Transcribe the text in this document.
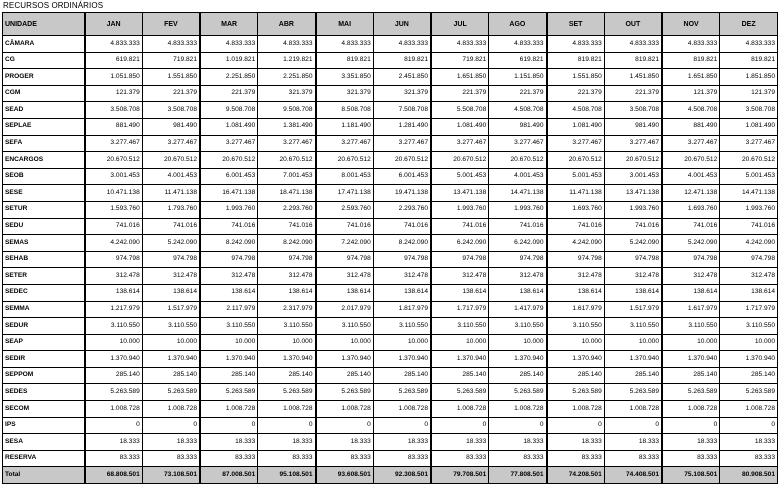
RECURSOS ORDINÁRIOS
UNIDADE	JAN	FEV	MAR	ABR	MAI	JUN	JUL	AGO	SET	OUT	NOV	DEZ
CÂMARA	4.833.333	4.833.333	4.833.333	4.833.333	4.833.333	4.833.333	4.833.333	4.833.333	4.833.333	4.833.333	4.833.333	4.833.333
CG	619.821	719.821	1.019.821	1.219.821	819.821	819.821	719.821	619.821	819.821	819.821	819.821	819.821
PROGER	1.051.850	1.551.850	2.251.850	2.251.850	3.351.850	2.451.850	1.651.850	1.151.850	1.551.850	1.451.850	1.651.850	1.851.850
CGM	121.379	221.379	221.379	321.379	321.379	321.379	221.379	221.379	221.379	221.379	121.379	121.379
SEAD	3.508.708	3.508.708	9.508.708	9.508.708	8.508.708	7.508.708	5.508.708	4.508.708	4.508.708	3.508.708	4.508.708	3.508.708
SEPLAE	881.490	981.490	1.081.490	1.381.490	1.181.490	1.281.490	1.081.490	981.490	1.081.490	981.490	881.490	1.081.490
SEFA	3.277.467	3.277.467	3.277.467	3.277.467	3.277.467	3.277.467	3.277.467	3.277.467	3.277.467	3.277.467	3.277.467	3.277.467
ENCARGOS	20.670.512	20.670.512	20.670.512	20.670.512	20.670.512	20.670.512	20.670.512	20.670.512	20.670.512	20.670.512	20.670.512	20.670.512
SEOB	3.001.453	4.001.453	6.001.453	7.001.453	8.001.453	6.001.453	5.001.453	4.001.453	5.001.453	3.001.453	4.001.453	5.001.453
SESE	10.471.138	11.471.138	16.471.138	18.471.138	17.471.138	19.471.138	13.471.138	14.471.138	11.471.138	13.471.138	12.471.138	14.471.138
SETUR	1.593.760	1.793.760	1.993.760	2.293.760	2.593.760	2.293.760	1.993.760	1.993.760	1.693.760	1.993.760	1.693.760	1.993.760
SEDU	741.016	741.016	741.016	741.016	741.016	741.016	741.016	741.016	741.016	741.016	741.016	741.016
SEMAS	4.242.090	5.242.090	8.242.090	8.242.090	7.242.090	8.242.090	6.242.090	6.242.090	4.242.090	5.242.090	5.242.090	4.242.090
SEHAB	974.798	974.798	974.798	974.798	974.798	974.798	974.798	974.798	974.798	974.798	974.798	974.798
SETER	312.478	312.478	312.478	312.478	312.478	312.478	312.478	312.478	312.478	312.478	312.478	312.478
SEDEC	138.614	138.614	138.614	138.614	138.614	138.614	138.614	138.614	138.614	138.614	138.614	138.614
SEMMA	1.217.979	1.517.979	2.117.979	2.317.979	2.017.979	1.817.979	1.717.979	1.417.979	1.617.979	1.517.979	1.617.979	1.717.979
SEDUR	3.110.550	3.110.550	3.110.550	3.110.550	3.110.550	3.110.550	3.110.550	3.110.550	3.110.550	3.110.550	3.110.550	3.110.550
SEAP	10.000	10.000	10.000	10.000	10.000	10.000	10.000	10.000	10.000	10.000	10.000	10.000
SEDIR	1.370.940	1.370.940	1.370.940	1.370.940	1.370.940	1.370.940	1.370.940	1.370.940	1.370.940	1.370.940	1.370.940	1.370.940
SEPPOM	285.140	285.140	285.140	285.140	285.140	285.140	285.140	285.140	285.140	285.140	285.140	285.140
SEDES	5.263.589	5.263.589	5.263.589	5.263.589	5.263.589	5.263.589	5.263.589	5.263.589	5.263.589	5.263.589	5.263.589	5.263.589
SECOM	1.008.728	1.008.728	1.008.728	1.008.728	1.008.728	1.008.728	1.008.728	1.008.728	1.008.728	1.008.728	1.008.728	1.008.728
IPS	0	0	0	0	0	0	0	0	0	0	0	0
SESA	18.333	18.333	18.333	18.333	18.333	18.333	18.333	18.333	18.333	18.333	18.333	18.333
RESERVA	83.333	83.333	83.333	83.333	83.333	83.333	83.333	83.333	83.333	83.333	83.333	83.333
Total	68.808.501	73.108.501	87.008.501	95.108.501	93.608.501	92.308.501	79.708.501	77.808.501	74.208.501	74.408.501	75.108.501	80.908.501
